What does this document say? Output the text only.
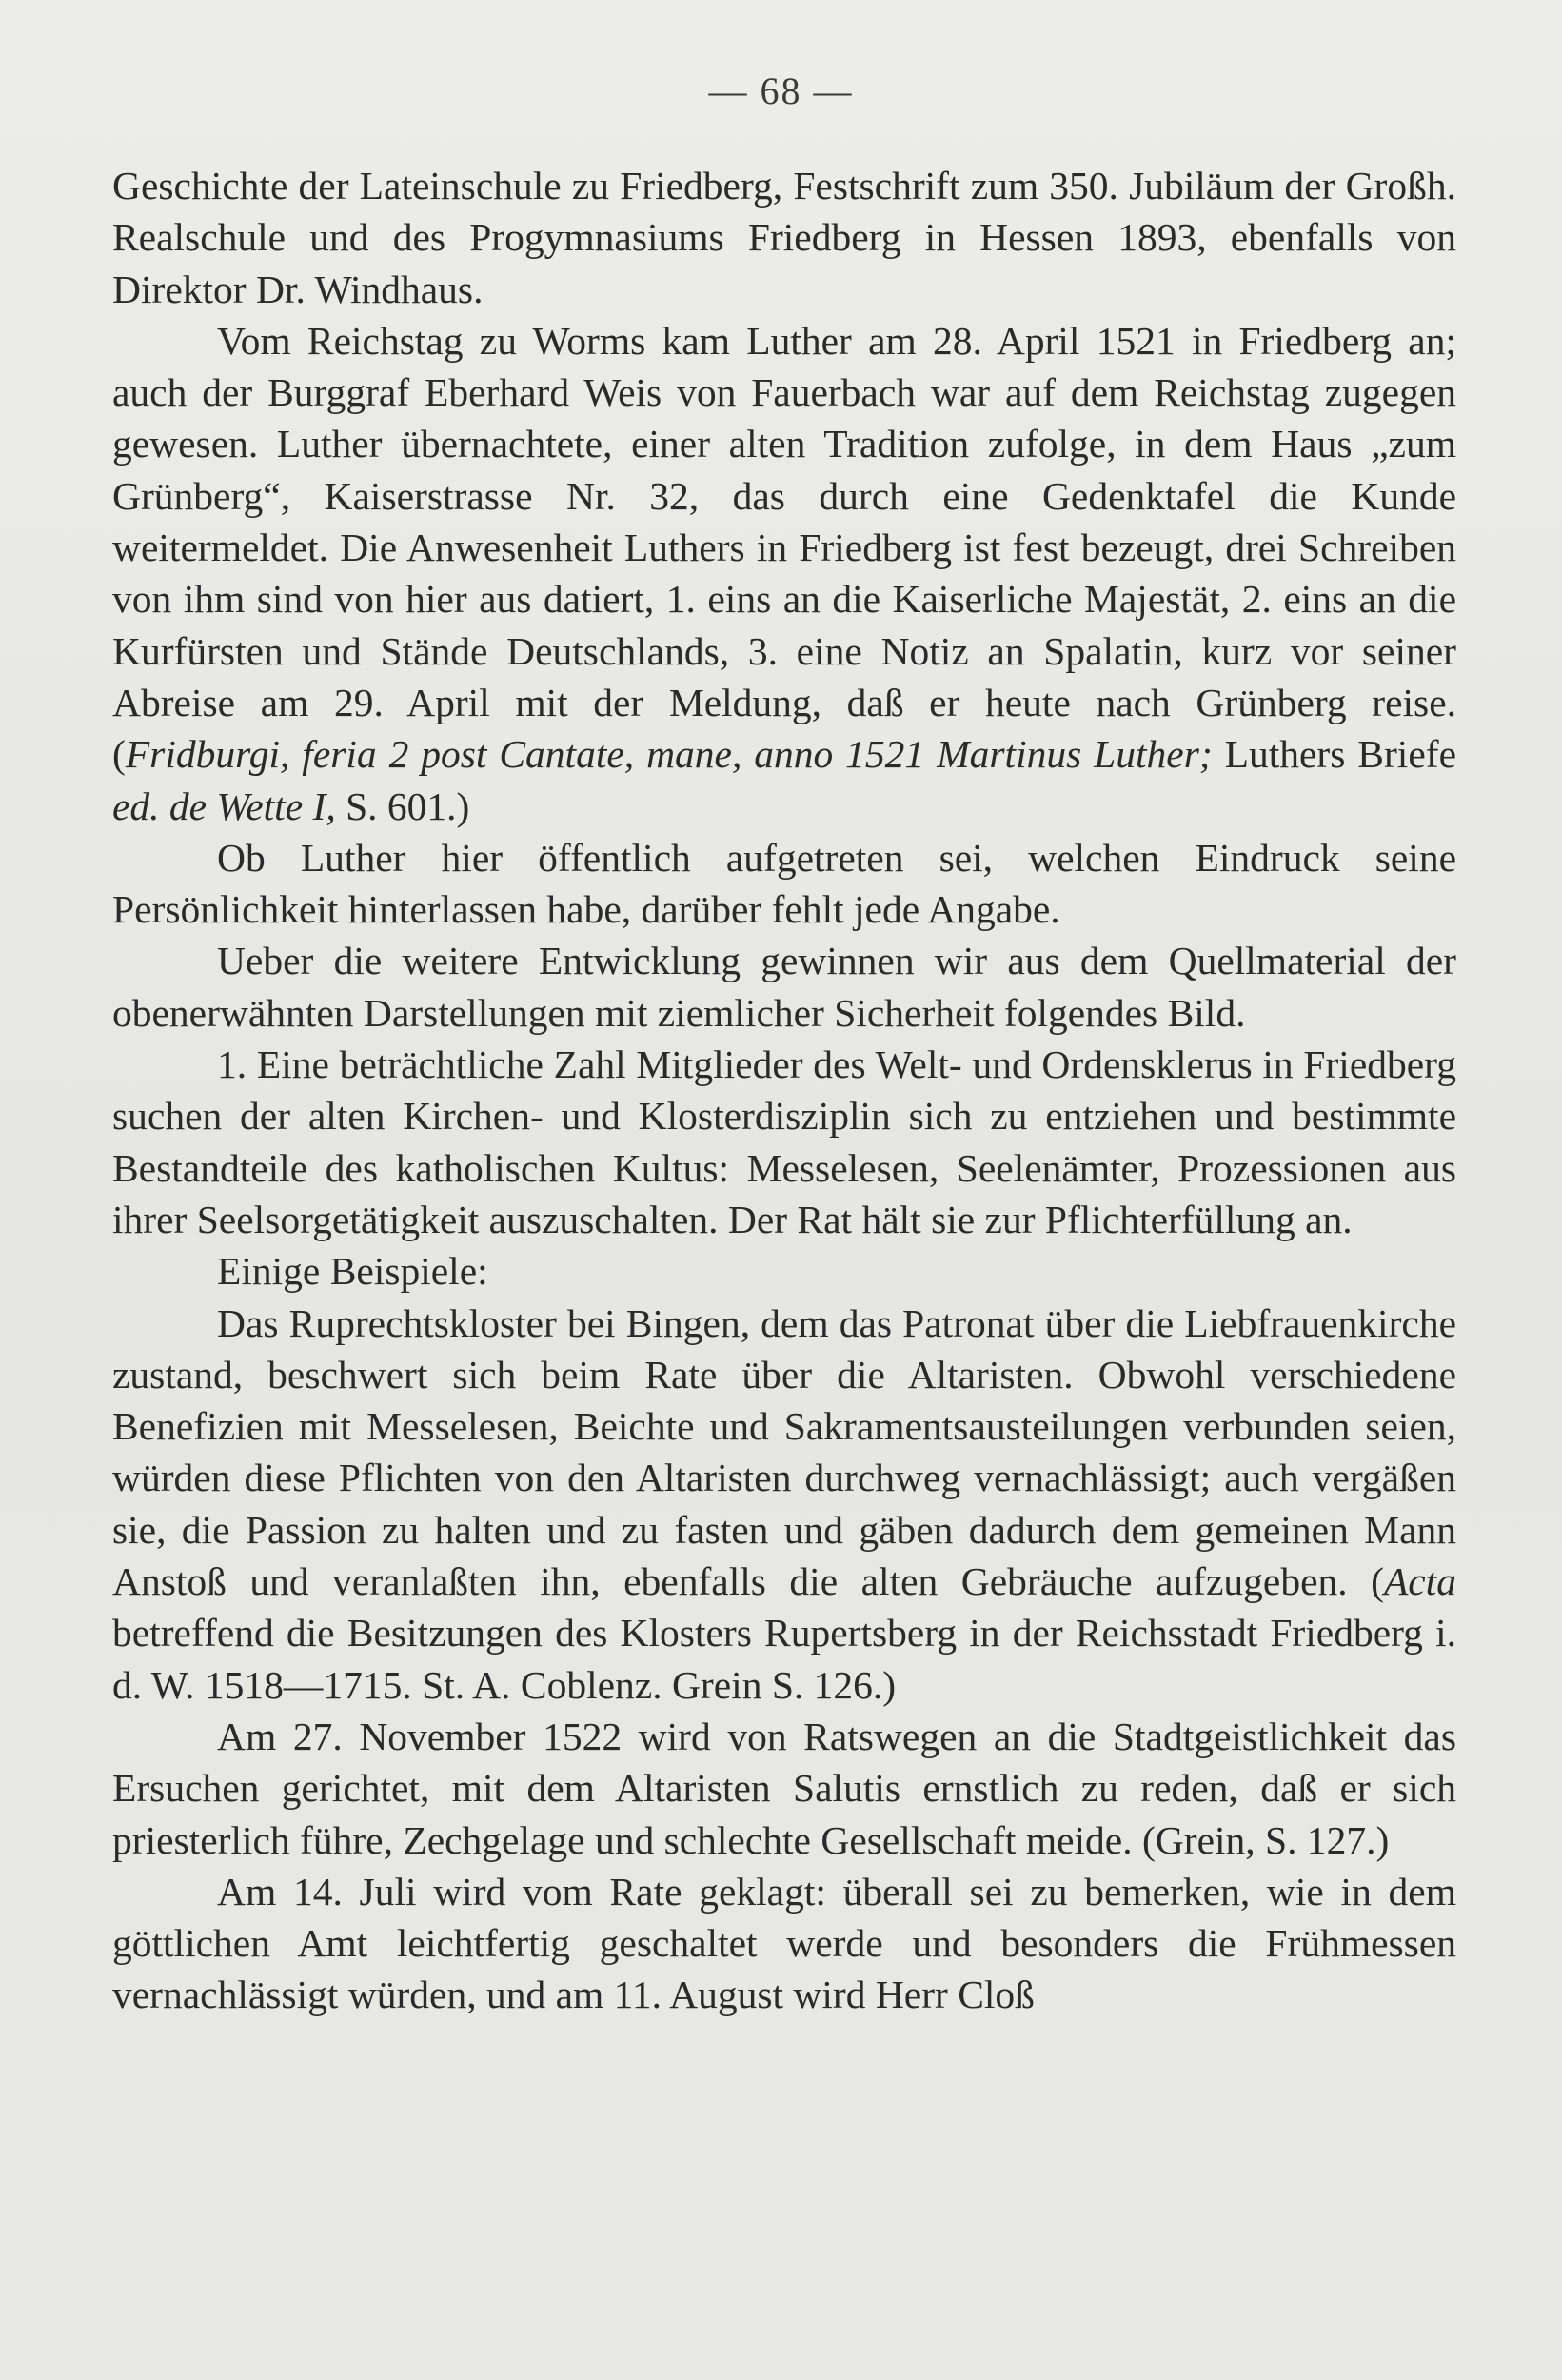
— 68 —

Geschichte der Lateinschule zu Friedberg, Festschrift zum 350. Jubiläum der Großh. Realschule und des Progymnasiums Friedberg in Hessen 1893, ebenfalls von Direktor Dr. Windhaus.

Vom Reichstag zu Worms kam Luther am 28. April 1521 in Friedberg an; auch der Burggraf Eberhard Weis von Fauerbach war auf dem Reichstag zugegen gewesen. Luther übernachtete, einer alten Tradition zufolge, in dem Haus „zum Grünberg“, Kaiserstrasse Nr. 32, das durch eine Gedenktafel die Kunde weitermeldet. Die Anwesenheit Luthers in Friedberg ist fest bezeugt, drei Schreiben von ihm sind von hier aus datiert, 1. eins an die Kaiserliche Majestät, 2. eins an die Kurfürsten und Stände Deutschlands, 3. eine Notiz an Spalatin, kurz vor seiner Abreise am 29. April mit der Meldung, daß er heute nach Grünberg reise. (Fridburgi, feria 2 post Cantate, mane, anno 1521 Martinus Luther; Luthers Briefe ed. de Wette I, S. 601.)

Ob Luther hier öffentlich aufgetreten sei, welchen Eindruck seine Persönlichkeit hinterlassen habe, darüber fehlt jede Angabe.

Ueber die weitere Entwicklung gewinnen wir aus dem Quellmaterial der obenerwähnten Darstellungen mit ziemlicher Sicherheit folgendes Bild.

1. Eine beträchtliche Zahl Mitglieder des Welt- und Ordensklerus in Friedberg suchen der alten Kirchen- und Klosterdisziplin sich zu entziehen und bestimmte Bestandteile des katholischen Kultus: Messelesen, Seelenämter, Prozessionen aus ihrer Seelsorgetätigkeit auszuschalten. Der Rat hält sie zur Pflichterfüllung an.

Einige Beispiele:

Das Ruprechtskloster bei Bingen, dem das Patronat über die Liebfrauenkirche zustand, beschwert sich beim Rate über die Altaristen. Obwohl verschiedene Benefizien mit Messelesen, Beichte und Sakramentsausteilungen verbunden seien, würden diese Pflichten von den Altaristen durchweg vernachlässigt; auch vergäßen sie, die Passion zu halten und zu fasten und gäben dadurch dem gemeinen Mann Anstoß und veranlaßten ihn, ebenfalls die alten Gebräuche aufzugeben. (Acta betreffend die Besitzungen des Klosters Rupertsberg in der Reichsstadt Friedberg i. d. W. 1518—1715. St. A. Coblenz. Grein S. 126.)

Am 27. November 1522 wird von Ratswegen an die Stadtgeistlichkeit das Ersuchen gerichtet, mit dem Altaristen Salutis ernstlich zu reden, daß er sich priesterlich führe, Zechgelage und schlechte Gesellschaft meide. (Grein, S. 127.)

Am 14. Juli wird vom Rate geklagt: überall sei zu bemerken, wie in dem göttlichen Amt leichtfertig geschaltet werde und besonders die Frühmessen vernachlässigt würden, und am 11. August wird Herr Cloß
